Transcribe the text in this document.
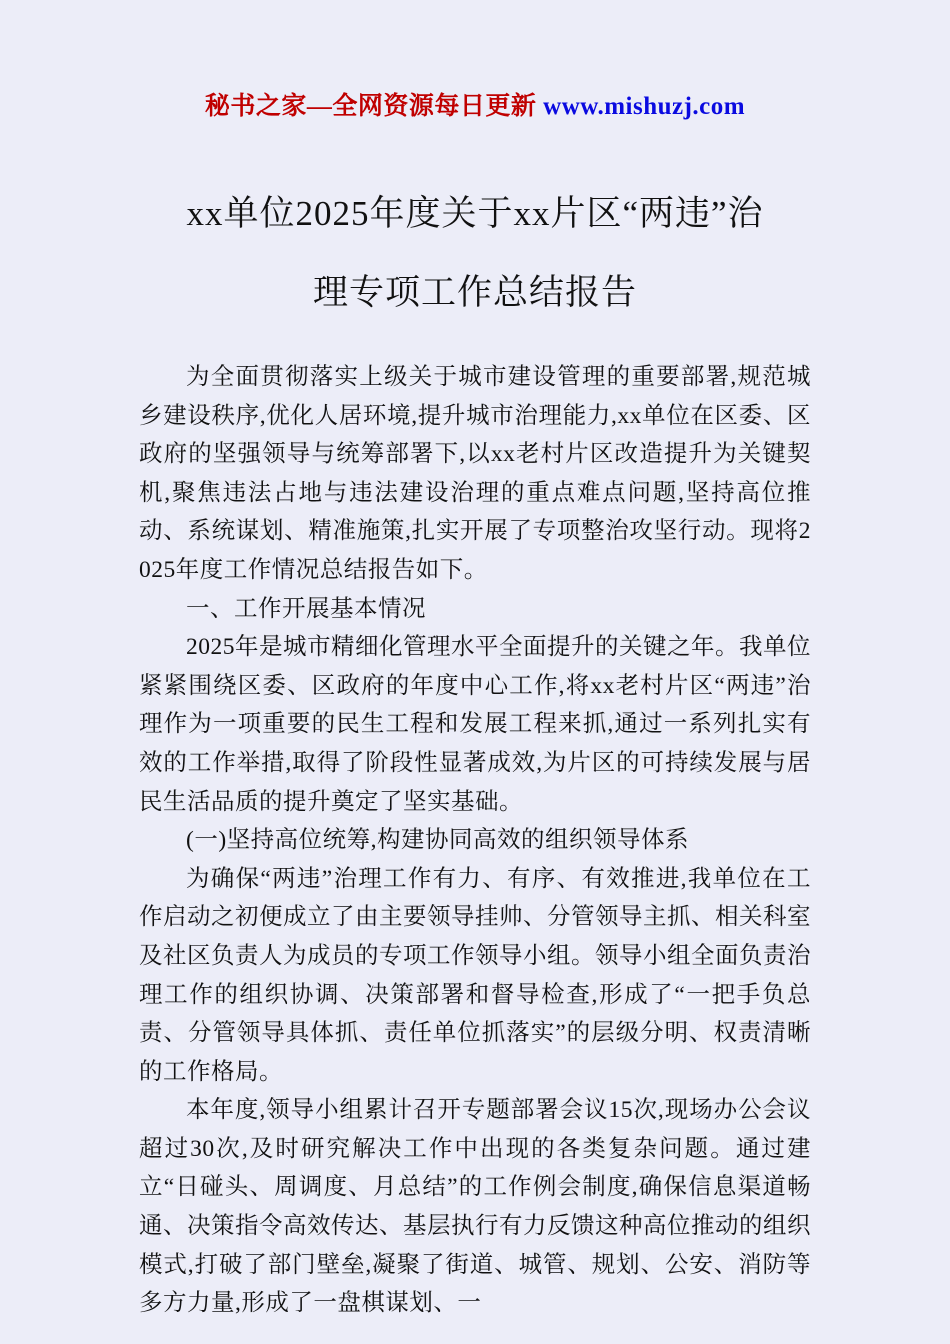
秘书之家—全网资源每日更新 www.mishuzj.com
xx单位2025年度关于xx片区“两违”治
理专项工作总结报告

为全面贯彻落实上级关于城市建设管理的重要部署,规范城乡建设秩序,优化人居环境,提升城市治理能力,xx单位在区委、区政府的坚强领导与统筹部署下,以xx老村片区改造提升为关键契机,聚焦违法占地与违法建设治理的重点难点问题,坚持高位推动、系统谋划、精准施策,扎实开展了专项整治攻坚行动。现将2025年度工作情况总结报告如下。

一、工作开展基本情况

2025年是城市精细化管理水平全面提升的关键之年。我单位紧紧围绕区委、区政府的年度中心工作,将xx老村片区“两违”治理作为一项重要的民生工程和发展工程来抓,通过一系列扎实有效的工作举措,取得了阶段性显著成效,为片区的可持续发展与居民生活品质的提升奠定了坚实基础。

(一)坚持高位统筹,构建协同高效的组织领导体系

为确保“两违”治理工作有力、有序、有效推进,我单位在工作启动之初便成立了由主要领导挂帅、分管领导主抓、相关科室及社区负责人为成员的专项工作领导小组。领导小组全面负责治理工作的组织协调、决策部署和督导检查,形成了“一把手负总责、分管领导具体抓、责任单位抓落实”的层级分明、权责清晰的工作格局。

本年度,领导小组累计召开专题部署会议15次,现场办公会议超过30次,及时研究解决工作中出现的各类复杂问题。通过建立“日碰头、周调度、月总结”的工作例会制度,确保信息渠道畅通、决策指令高效传达、基层执行有力反馈这种高位推动的组织模式,打破了部门壁垒,凝聚了街道、城管、规划、公安、消防等多方力量,形成了一盘棋谋划、一
